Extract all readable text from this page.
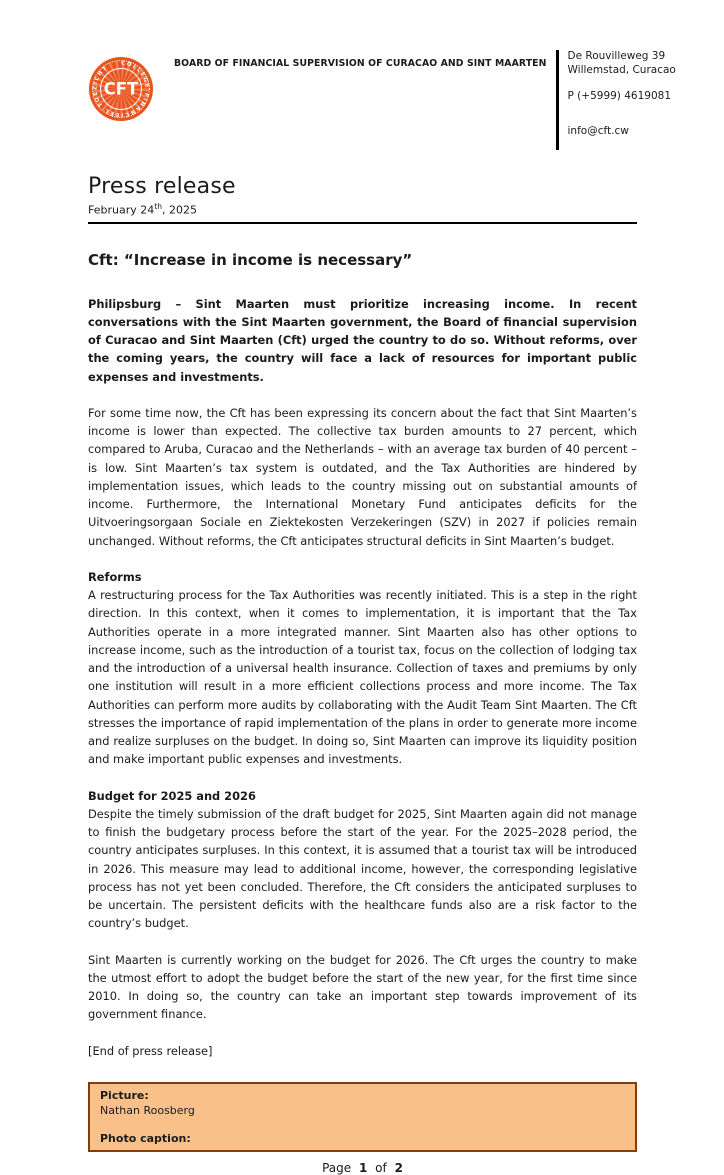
COLLEGE FINANCIEEL TOEZICHT
CFT
BOARD OF FINANCIAL SUPERVISION OF CURACAO AND SINT MAARTEN
De Rouvilleweg 39
Willemstad, Curacao
P (+5999) 4619081
info@cft.cw
Press release
February 24th, 2025
Cft: “Increase in income is necessary”

Philipsburg – Sint Maarten must prioritize increasing income. In recent conversations with the Sint Maarten government, the Board of financial supervision of Curacao and Sint Maarten (Cft) urged the country to do so. Without reforms, over the coming years, the country will face a lack of resources for important public expenses and investments.

For some time now, the Cft has been expressing its concern about the fact that Sint Maarten’s income is lower than expected. The collective tax burden amounts to 27 percent, which compared to Aruba, Curacao and the Netherlands – with an average tax burden of 40 percent – is low. Sint Maarten’s tax system is outdated, and the Tax Authorities are hindered by implementation issues, which leads to the country missing out on substantial amounts of income. Furthermore, the International Monetary Fund anticipates deficits for the Uitvoeringsorgaan Sociale en Ziektekosten Verzekeringen (SZV) in 2027 if policies remain unchanged. Without reforms, the Cft anticipates structural deficits in Sint Maarten’s budget.

Reforms

A restructuring process for the Tax Authorities was recently initiated. This is a step in the right direction. In this context, when it comes to implementation, it is important that the Tax Authorities operate in a more integrated manner. Sint Maarten also has other options to increase income, such as the introduction of a tourist tax, focus on the collection of lodging tax and the introduction of a universal health insurance. Collection of taxes and premiums by only one institution will result in a more efficient collections process and more income. The Tax Authorities can perform more audits by collaborating with the Audit Team Sint Maarten. The Cft stresses the importance of rapid implementation of the plans in order to generate more income and realize surpluses on the budget. In doing so, Sint Maarten can improve its liquidity position and make important public expenses and investments.

Budget for 2025 and 2026

Despite the timely submission of the draft budget for 2025, Sint Maarten again did not manage to finish the budgetary process before the start of the year. For the 2025–2028 period, the country anticipates surpluses. In this context, it is assumed that a tourist tax will be introduced in 2026. This measure may lead to additional income, however, the corresponding legislative process has not yet been concluded. Therefore, the Cft considers the anticipated surpluses to be uncertain. The persistent deficits with the healthcare funds also are a risk factor to the country’s budget.

Sint Maarten is currently working on the budget for 2026. The Cft urges the country to make the utmost effort to adopt the budget before the start of the new year, for the first time since 2010. In doing so, the country can take an important step towards improvement of its government finance.

[End of press release]

Picture:
Nathan Roosberg
Photo caption:
Page 1 of 2
